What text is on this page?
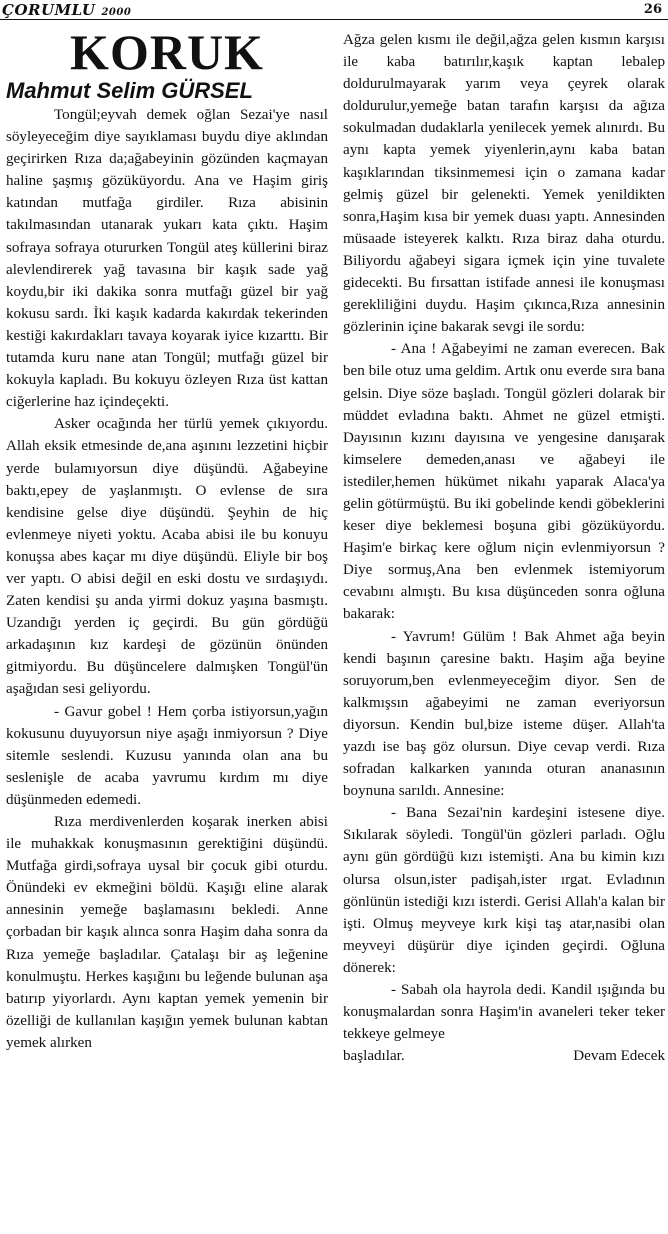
ÇORUMLU 2000	26
KORUK
Mahmut Selim GÜRSEL

Tongül;eyvah demek oğlan Sezai'ye nasıl söyleyeceğim diye sayıklaması buydu diye aklından geçirirken Rıza da;ağabeyinin gözünden kaçmayan haline şaşmış gözüküyordu. Ana ve Haşim giriş katından mutfağa girdiler. Rıza abisinin takılmasından utanarak yukarı kata çıktı. Haşim sofraya sofraya otururken Tongül ateş küllerini biraz alevlendirerek yağ tavasına bir kaşık sade yağ koydu,bir iki dakika sonra mutfağı güzel bir yağ kokusu sardı. İki kaşık kadarda kakırdak tekerinden kestiği kakırdakları tavaya koyarak iyice kızarttı. Bir tutamda kuru nane atan Tongül; mutfağı güzel bir kokuyla kapladı. Bu kokuyu özleyen Rıza üst kattan ciğerlerine haz içindeçekti.

Asker ocağında her türlü yemek çıkıyordu. Allah eksik etmesinde de,ana aşınını lezzetini hiçbir yerde bulamıyorsun diye düşündü. Ağabeyine baktı,epey de yaşlanmıştı. O evlense de sıra kendisine gelse diye düşündü. Şeyhin de hiç evlenmeye niyeti yoktu. Acaba abisi ile bu konuyu konuşsa abes kaçar mı diye düşündü. Eliyle bir boş ver yaptı. O abisi değil en eski dostu ve sırdaşıydı. Zaten kendisi şu anda yirmi dokuz yaşına basmıştı. Uzandığı yerden iç geçirdi. Bu gün gördüğü arkadaşının kız kardeşi de gözünün önünden gitmiyordu. Bu düşüncelere dalmışken Tongül'ün aşağıdan sesi geliyordu.

- Gavur gobel ! Hem çorba istiyorsun,yağın kokusunu duyuyorsun niye aşağı inmiyorsun ? Diye sitemle seslendi. Kuzusu yanında olan ana bu seslenişle de acaba yavrumu kırdım mı diye düşünmeden edemedi.

Rıza merdivenlerden koşarak inerken abisi ile muhakkak konuşmasının gerektiğini düşündü. Mutfağa girdi,sofraya uysal bir çocuk gibi oturdu. Önündeki ev ekmeğini böldü. Kaşığı eline alarak annesinin yemeğe başlamasını bekledi. Anne çorbadan bir kaşık alınca sonra Haşim daha sonra da Rıza yemeğe başladılar. Çatalaşı bir aş leğenine konulmuştu. Herkes kaşığını bu leğende bulunan aşa batırıp yiyorlardı. Aynı kaptan yemek yemenin bir özelliği de kullanılan kaşığın yemek bulunan kabtan yemek alırken

Ağza gelen kısmı ile değil,ağza gelen kısmın karşısı ile kaba batırılır,kaşık kaptan lebalep doldurulmayarak yarım veya çeyrek olarak doldurulur,yemeğe batan tarafın karşısı da ağıza sokulmadan dudaklarla yenilecek yemek alınırdı. Bu aynı kapta yemek yiyenlerin,aynı kaba batan kaşıklarından tiksinmemesi için o zamana kadar gelmiş güzel bir gelenekti. Yemek yenildikten sonra,Haşim kısa bir yemek duası yaptı. Annesinden müsaade isteyerek kalktı. Rıza biraz daha oturdu. Biliyordu ağabeyi sigara içmek için yine tuvalete gidecekti. Bu fırsattan istifade annesi ile konuşması gerekliliğini duydu. Haşim çıkınca,Rıza annesinin gözlerinin içine bakarak sevgi ile sordu:

- Ana ! Ağabeyimi ne zaman everecen. Bak ben bile otuz uma geldim. Artık onu everde sıra bana gelsin. Diye söze başladı. Tongül gözleri dolarak bir müddet evladına baktı. Ahmet ne güzel etmişti. Dayısının kızını dayısına ve yengesine danışarak kimselere demeden,anası ve ağabeyi ile istediler,hemen hükümet nikahı yaparak Alaca'ya gelin götürmüştü. Bu iki gobelinde kendi göbeklerini keser diye beklemesi boşuna gibi gözüküyordu. Haşim'e birkaç kere oğlum niçin evlenmiyorsun ? Diye sormuş,Ana ben evlenmek istemiyorum cevabını almıştı. Bu kısa düşünceden sonra oğluna bakarak:

- Yavrum! Gülüm ! Bak Ahmet ağa beyin kendi başının çaresine baktı. Haşim ağa beyine soruyorum,ben evlenmeyeceğim diyor. Sen de kalkmışsın ağabeyimi ne zaman everiyorsun diyorsun. Kendin bul,bize isteme düşer. Allah'ta yazdı ise baş göz olursun. Diye cevap verdi. Rıza sofradan kalkarken yanında oturan ananasının boynuna sarıldı. Annesine:

- Bana Sezai'nin kardeşini istesene diye. Sıkılarak söyledi. Tongül'ün gözleri parladı. Oğlu aynı gün gördüğü kızı istemişti. Ana bu kimin kızı olursa olsun,ister padişah,ister ırgat. Evladının gönlünün istediği kızı isterdi. Gerisi Allah'a kalan bir işti. Olmuş meyveye kırk kişi taş atar,nasibi olan meyveyi düşürür diye içinden geçirdi. Oğluna dönerek:

- Sabah ola hayrola dedi. Kandil ışığında bu konuşmalardan sonra Haşim'in avaneleri teker teker tekkeye gelmeye

başladılar.	Devam Edecek
